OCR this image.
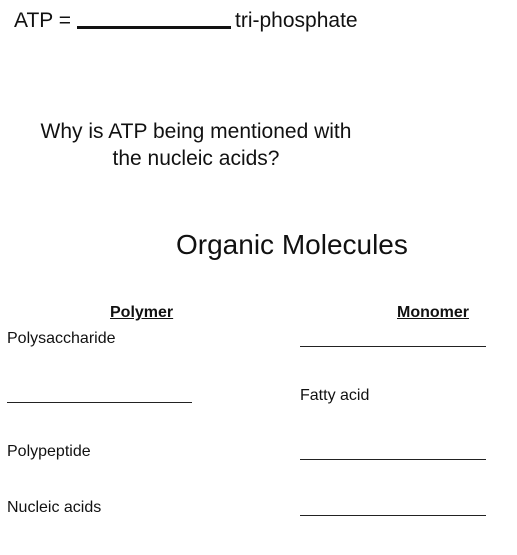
ATP =	tri-phosphate
Why is ATP being mentioned with
the nucleic acids?
Organic Molecules
Polymer	Monomer
Polysaccharide
Fatty acid
Polypeptide
Nucleic acids
